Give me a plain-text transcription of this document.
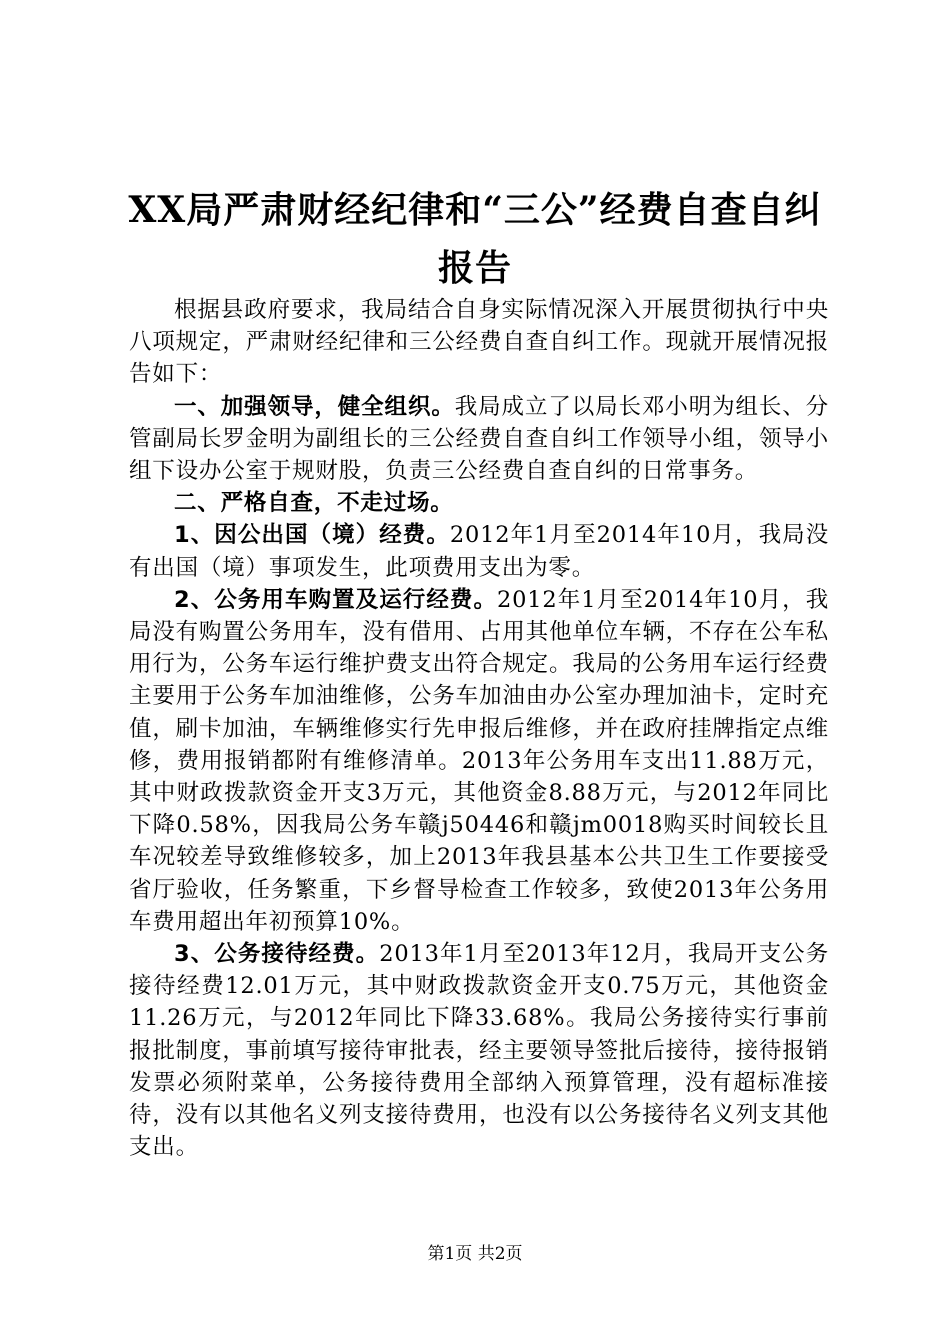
XX局严肃财经纪律和“三公”经费自查自纠
报告

根据县政府要求，我局结合自身实际情况深入开展贯彻执行中央八项规定，严肃财经纪律和三公经费自查自纠工作。现就开展情况报告如下：

一、加强领导，健全组织。我局成立了以局长邓小明为组长、分管副局长罗金明为副组长的三公经费自查自纠工作领导小组，领导小组下设办公室于规财股，负责三公经费自查自纠的日常事务。

二、严格自查，不走过场。

1、因公出国（境）经费。2012年1月至2014年10月，我局没有出国（境）事项发生，此项费用支出为零。

2、公务用车购置及运行经费。2012年1月至2014年10月，我局没有购置公务用车，没有借用、占用其他单位车辆，不存在公车私用行为，公务车运行维护费支出符合规定。我局的公务用车运行经费主要用于公务车加油维修，公务车加油由办公室办理加油卡，定时充值，刷卡加油，车辆维修实行先申报后维修，并在政府挂牌指定点维修，费用报销都附有维修清单。2013年公务用车支出11.88万元，其中财政拨款资金开支3万元，其他资金8.88万元，与2012年同比下降0.58%，因我局公务车赣j50446和赣jm0018购买时间较长且车况较差导致维修较多，加上2013年我县基本公共卫生工作要接受省厅验收，任务繁重，下乡督导检查工作较多，致使2013年公务用车费用超出年初预算10%。

3、公务接待经费。2013年1月至2013年12月，我局开支公务接待经费12.01万元，其中财政拨款资金开支0.75万元，其他资金11.26万元，与2012年同比下降33.68%。我局公务接待实行事前报批制度，事前填写接待审批表，经主要领导签批后接待，接待报销发票必须附菜单，公务接待费用全部纳入预算管理，没有超标准接待，没有以其他名义列支接待费用，也没有以公务接待名义列支其他支出。

第1页 共2页
